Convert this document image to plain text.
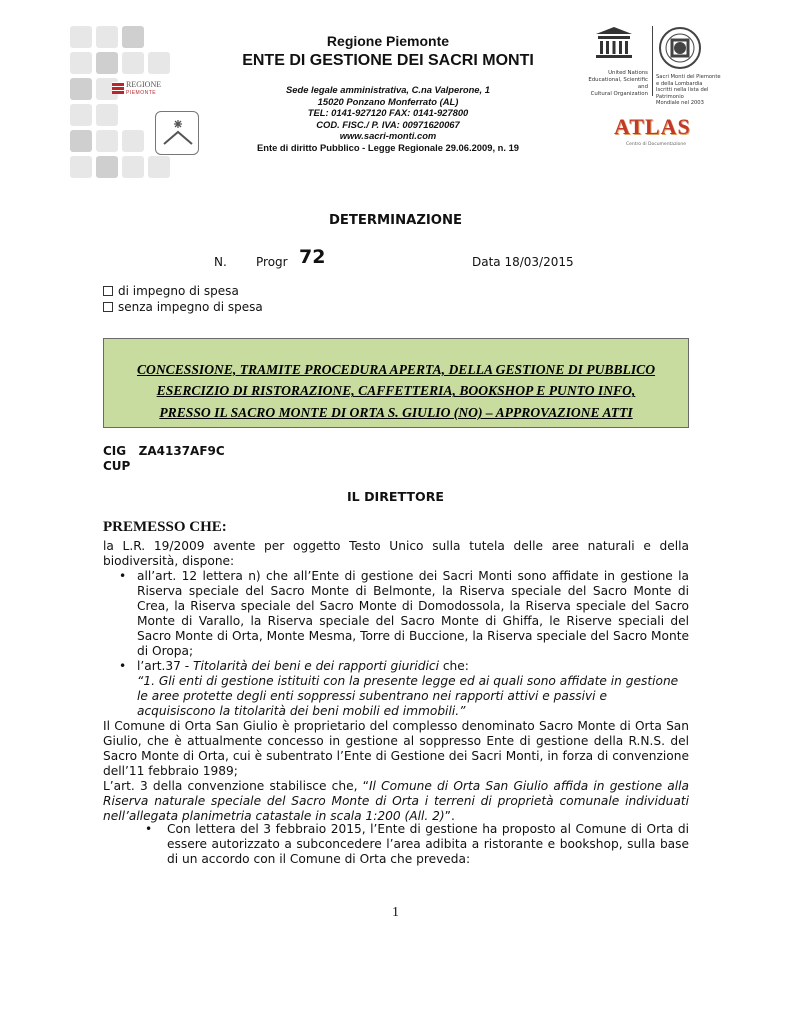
REGIONE
PIEMONTE
Regione Piemonte
ENTE DI GESTIONE DEI SACRI MONTI
Sede legale amministrativa, C.na Valperone, 1
15020 Ponzano Monferrato (AL)
TEL: 0141-927120 FAX: 0141-927800
COD. FISC./ P. IVA: 00971620067
www.sacri-monti.com
Ente di diritto Pubblico - Legge Regionale 29.06.2009, n. 19
United Nations
Educational, Scientific and
Cultural Organization
Sacri Monti del Piemonte
e della Lombardia
Iscritti nella lista del Patrimonio
Mondiale nel 2003
ATLAS
Centro di Documentazione
DETERMINAZIONE
N. Progr 72	Data 18/03/2015
di impegno di spesa
senza impegno di spesa
CONCESSIONE, TRAMITE PROCEDURA APERTA, DELLA GESTIONE DI PUBBLICO
ESERCIZIO DI RISTORAZIONE, CAFFETTERIA, BOOKSHOP E PUNTO INFO,
PRESSO IL SACRO MONTE DI ORTA S. GIULIO (NO) – APPROVAZIONE ATTI
CIG ZA4137AF9C
CUP
IL DIRETTORE
PREMESSO CHE:
la L.R. 19/2009 avente per oggetto Testo Unico sulla tutela delle aree naturali e della biodiversità, dispone:
• all’art. 12 lettera n) che all’Ente di gestione dei Sacri Monti sono affidate in gestione la Riserva speciale del Sacro Monte di Belmonte, la Riserva speciale del Sacro Monte di Crea, la Riserva speciale del Sacro Monte di Domodossola, la Riserva speciale del Sacro Monte di Varallo, la Riserva speciale del Sacro Monte di Ghiffa, le Riserve speciali del Sacro Monte di Orta, Monte Mesma, Torre di Buccione, la Riserva speciale del Sacro Monte di Oropa;
• l’art.37 - Titolarità dei beni e dei rapporti giuridici che:
“1. Gli enti di gestione istituiti con la presente legge ed ai quali sono affidate in gestione le aree protette degli enti soppressi subentrano nei rapporti attivi e passivi e acquisiscono la titolarità dei beni mobili ed immobili.”
Il Comune di Orta San Giulio è proprietario del complesso denominato Sacro Monte di Orta San Giulio, che è attualmente concesso in gestione al soppresso Ente di gestione della R.N.S. del Sacro Monte di Orta, cui è subentrato l’Ente di Gestione dei Sacri Monti, in forza di convenzione dell’11 febbraio 1989;
L’art. 3 della convenzione stabilisce che, “Il Comune di Orta San Giulio affida in gestione alla Riserva naturale speciale del Sacro Monte di Orta i terreni di proprietà comunale individuati nell’allegata planimetria catastale in scala 1:200 (All. 2)”.
• Con lettera del 3 febbraio 2015, l’Ente di gestione ha proposto al Comune di Orta di essere autorizzato a subconcedere l’area adibita a ristorante e bookshop, sulla base di un accordo con il Comune di Orta che preveda:
1
